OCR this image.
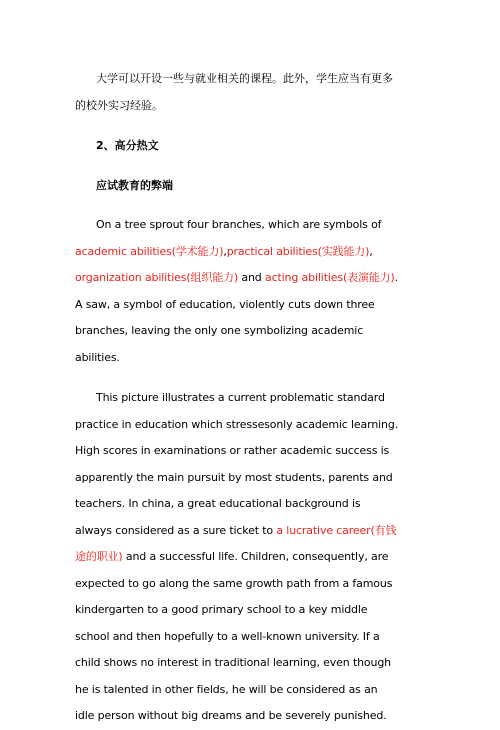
大学可以开设一些与就业相关的课程。此外，学生应当有更多的校外实习经验。

2、高分热文

应试教育的弊端

On a tree sprout four branches, which are symbols of academic abilities(学术能力),practical abilities(实践能力), organization abilities(组织能力) and acting abilities(表演能力). A saw, a symbol of education, violently cuts down three branches, leaving the only one symbolizing academic abilities.

This picture illustrates a current problematic standard practice in education which stressesonly academic learning. High scores in examinations or rather academic success is apparently the main pursuit by most students, parents and teachers. In china, a great educational background is always considered as a sure ticket to a lucrative career(有钱途的职业) and a successful life. Children, consequently, are expected to go along the same growth path from a famous kindergarten to a good primary school to a key middle school and then hopefully to a well-known university. If a child shows no interest in traditional learning, even though he is talented in other fields, he will be considered as an idle person without big dreams and be severely punished.
